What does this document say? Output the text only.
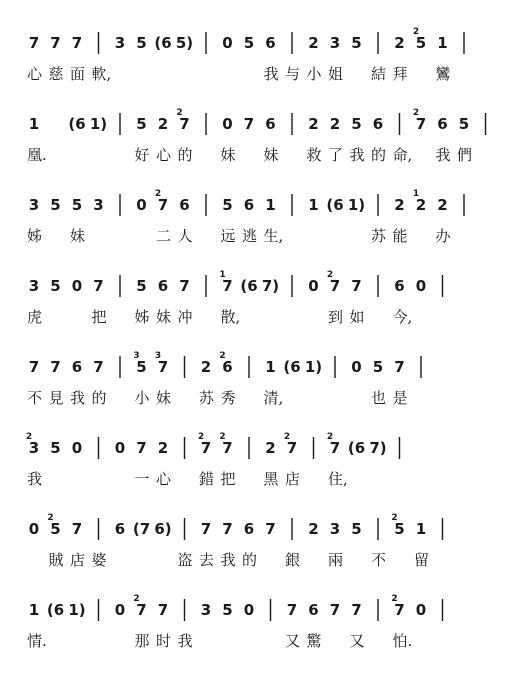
7 7 7 3 5 (6 5) 0 5 6 2 3 5 2 5 1
2
心 慈 面 軟,	我 与 小 姐 結 拜 鸞
1 (6 1) 5 2 7 0 7 6 2 2 5 6 7 6 5
2	2
凰.	好 心 的 妹 妹 救 了 我 的 命, 我 們
3 5 5 3 0 7 6 5 6 1 1 (6 1) 2 2 2
2	1
姊 妹	二 人 远 逃 生,	苏 能 办
3 5 0 7 5 6 7 7 (6 7) 0 7 7 6 0
1	2
虎	把 姊 妹 冲 散,	到 如 今,
7 7 6 7 5 7 2 6 1 (6 1) 0 5 7
3 3	2
不 見 我 的 小 妹 苏 秀 清,	也 是
3 5 0 0 7 2 7 7 2 7 7 (6 7)
2	2 2	2	2
我	一 心 錯 把 黑 店 住,
0 5 7 6 (7 6) 7 7 6 7 2 3 5 5 1
2	2
賊 店 婆	盗 去 我 的 銀 兩 不 留
1 (6 1) 0 7 7 3 5 0 7 6 7 7 7 0
2	2
情.	那 时 我	又 驚 又 怕.
